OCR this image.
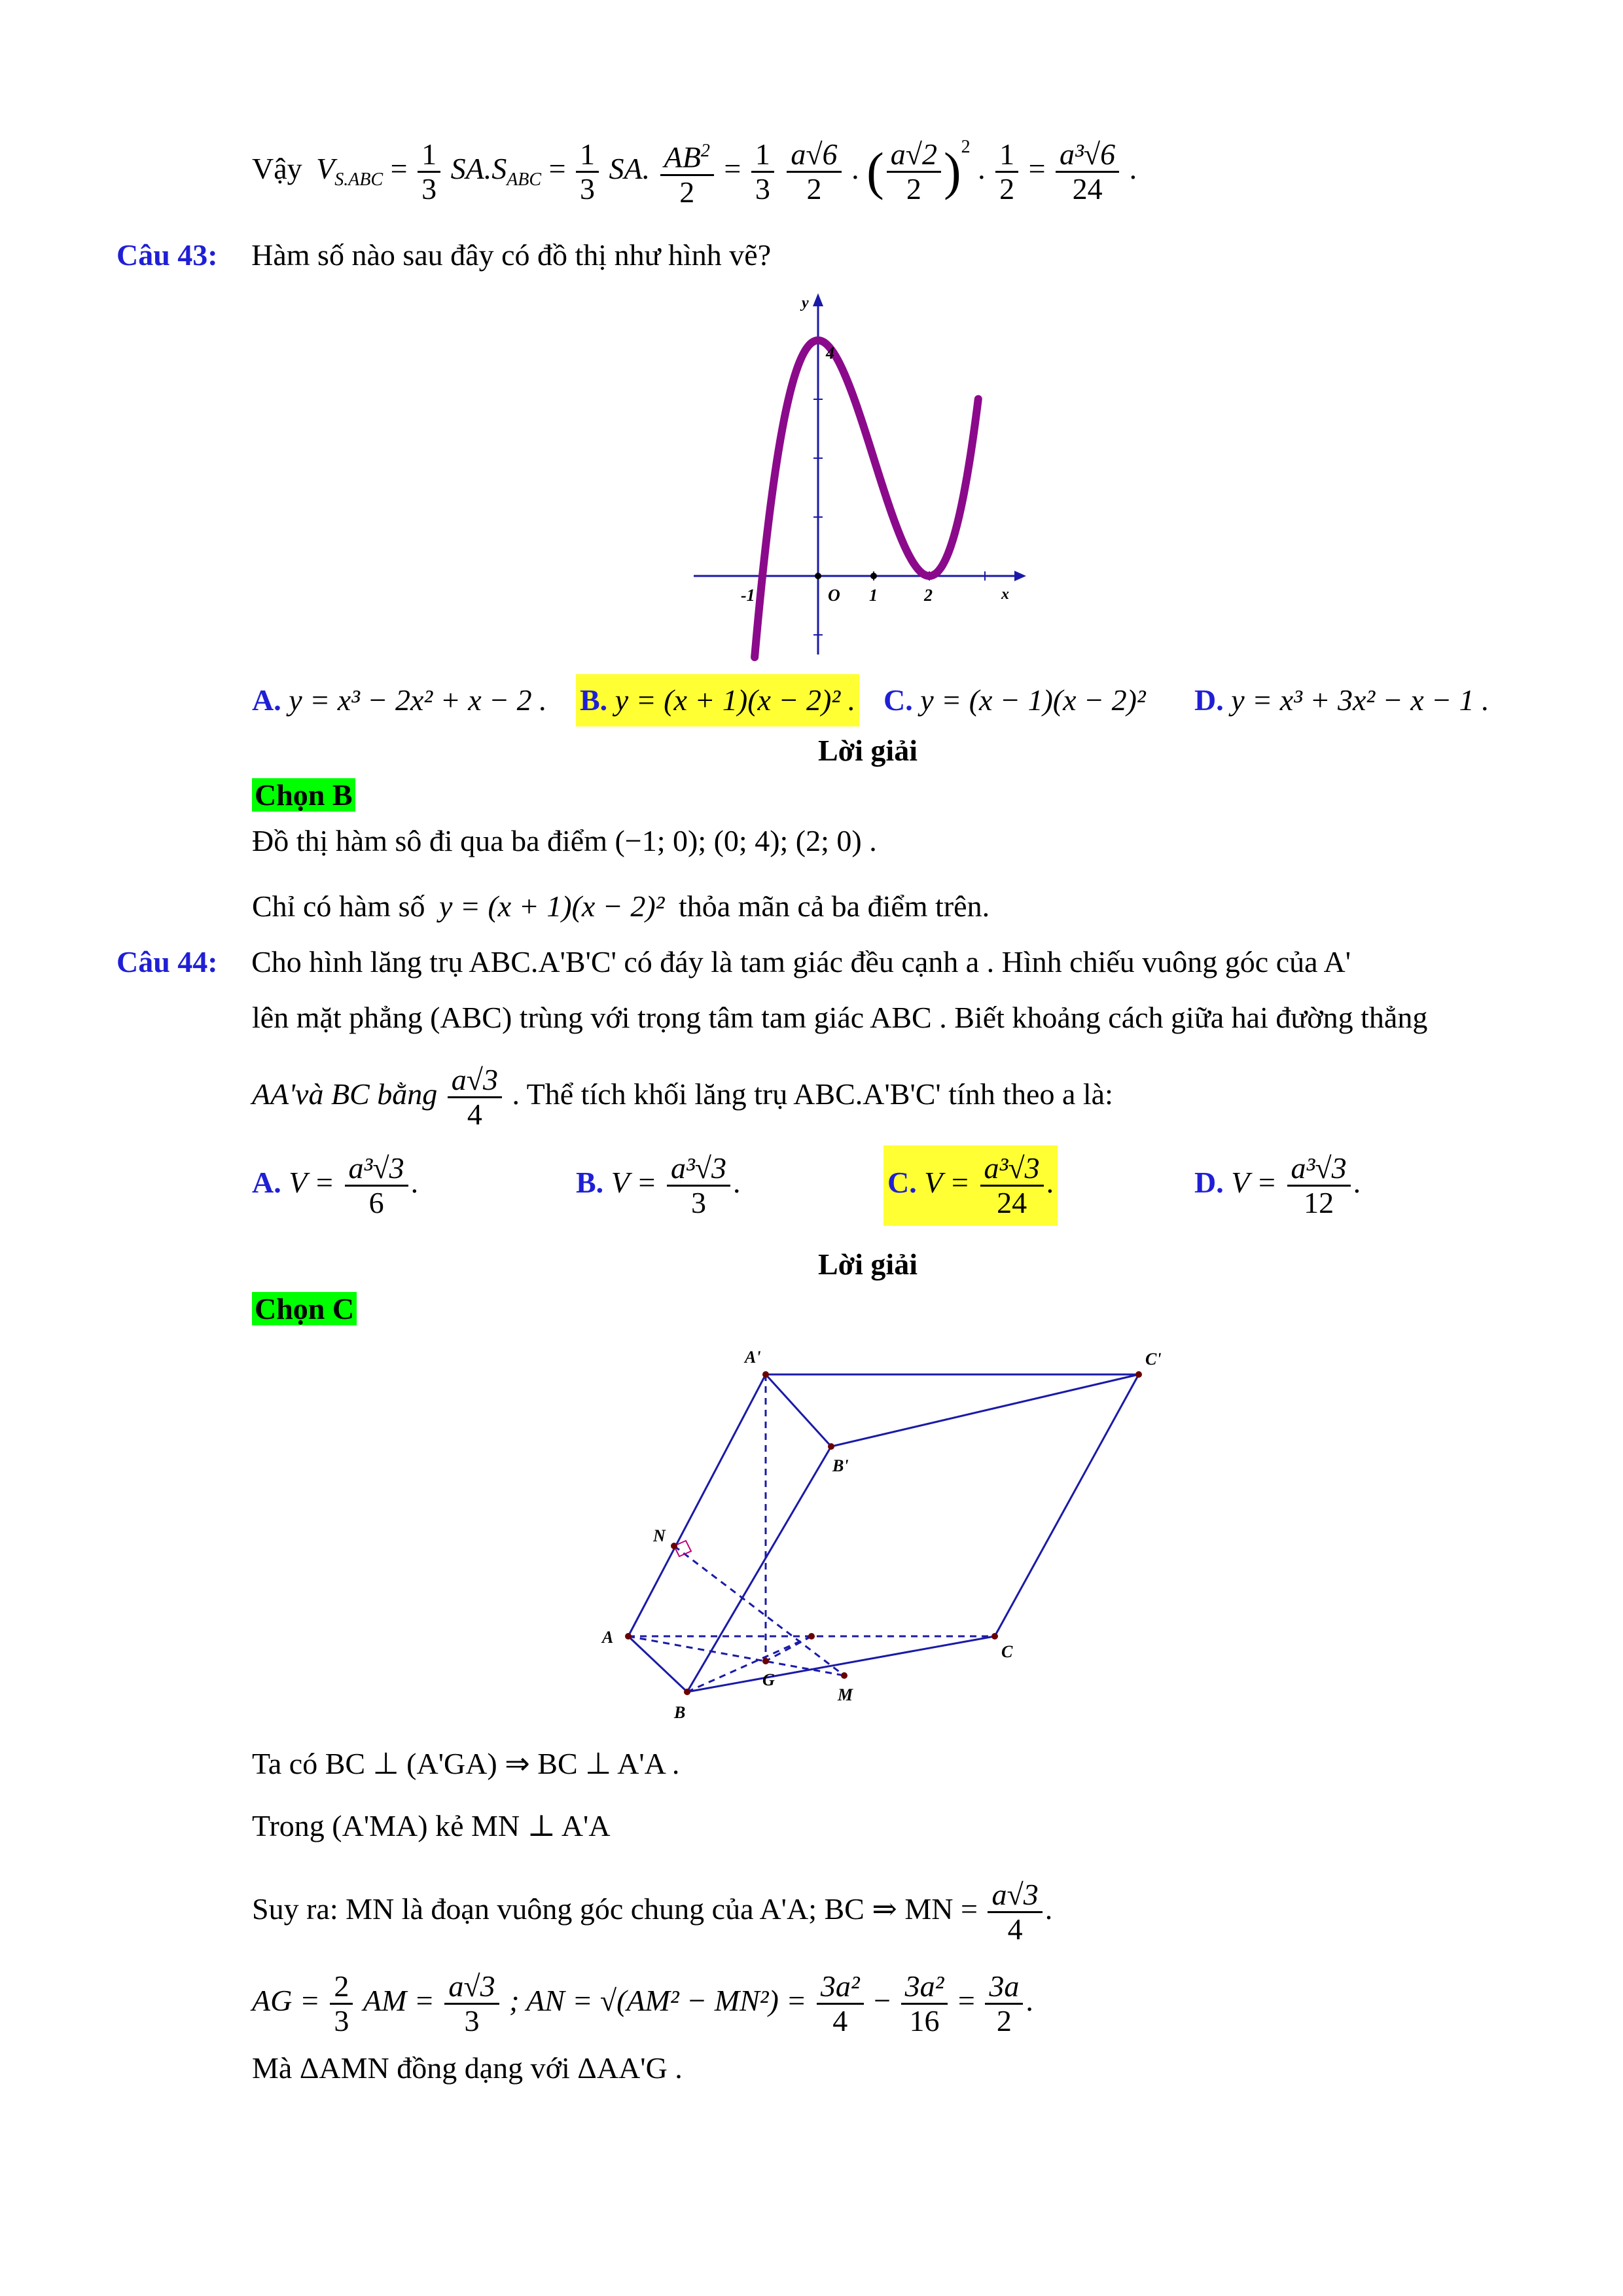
Vậy $V_{S.ABC} = \frac{1}{3} SA.S_{ABC} = \frac{1}{3}$ SA. $\frac{AB^2}{2} = \frac{1}{3}$
$\frac{a√6}{2}$ . ( $\frac{a√2}{2} )^2$ . $\frac{1}{2} = \frac{\text{a³√6}}{24}$ .
Câu 43: Hàm số nào sau đây có đồ thị như hình vẽ?
y
x
O
-1	1	2
4
A. y = x³ − 2x² + x − 2 . B. y = (x + 1)(x − 2)² . C. y = (x − 1)(x − 2)² D. y = x³ + 3x² − x − 1 .
Lời giải
Chọn B
Đồ thị hàm sô đi qua ba điểm (−1; 0); (0; 4); (2; 0) .
Chỉ có hàm số y = (x + 1)(x − 2)² thỏa mãn cả ba điểm trên.
Câu 44: Cho hình lăng trụ ABC.A'B'C' có đáy là tam giác đều cạnh a . Hình chiếu vuông góc của A'
lên mặt phẳng (ABC) trùng với trọng tâm tam giác ABC . Biết khoảng cách giữa hai đường thẳng
AA'và BC bằng $\frac{a√3}{4}$ . Thể tích khối lăng trụ ABC.A'B'C' tính theo a là:
A. $V = \frac{\text{a³√3}}{6}$ .	B. $V = \frac{\text{a³√3}}{3}$ .	C. $V = \frac{\text{a³√3}}{24}$ .	D. $V = \frac{\text{a³√3}}{12}$ .
Lời giải
Chọn C
A'
B'
C'
A
B
C
G
M
N
Ta có BC ⊥ (A'GA) ⇒ BC ⊥ A'A .
Trong (A'MA) kẻ MN ⊥ A'A
Suy ra: MN là đoạn vuông góc chung của A'A; BC ⇒ MN = $\frac{a√3}{4}$ .
AG = $\frac{2}{3}$ AM = $\frac{a√3}{3}$ ; AN = $√(AM^2 - MN^2) = \frac{\text{3a²}}{4} - \frac{\text{3a²}}{16} = \frac{3a}{2}$ .
Mà ΔAMN đồng dạng với ΔAA'G .
